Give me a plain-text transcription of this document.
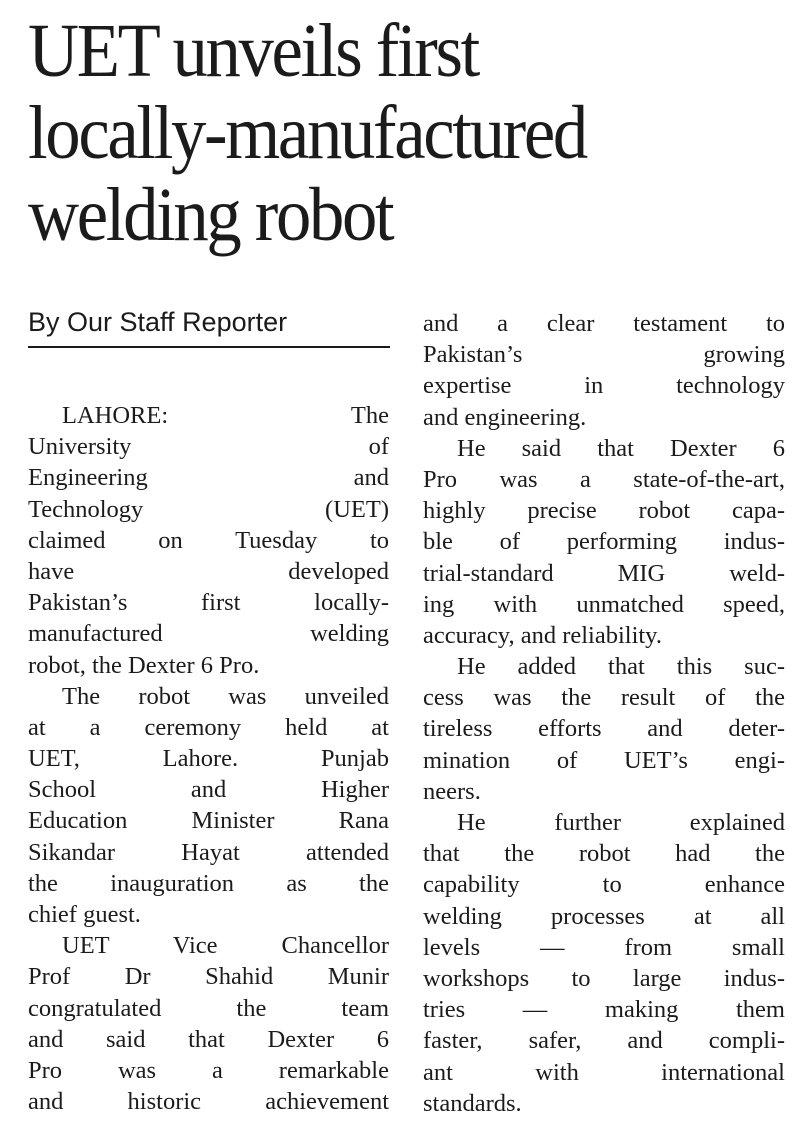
UET unveils first
locally-manufactured
welding robot
By Our Staff Reporter
LAHORE: The
University of
Engineering and
Technology (UET)
claimed on Tuesday to
have developed
Pakistan’s first locally-
manufactured welding
robot, the Dexter 6 Pro.
The robot was unveiled
at a ceremony held at
UET, Lahore. Punjab
School and Higher
Education Minister Rana
Sikandar Hayat attended
the inauguration as the
chief guest.
UET Vice Chancellor
Prof Dr Shahid Munir
congratulated the team
and said that Dexter 6
Pro was a remarkable
and historic achievement
and a clear testament to
Pakistan’s growing
expertise in technology
and engineering.
He said that Dexter 6
Pro was a state-of-the-art,
highly precise robot capa-
ble of performing indus-
trial-standard MIG weld-
ing with unmatched speed,
accuracy, and reliability.
He added that this suc-
cess was the result of the
tireless efforts and deter-
mination of UET’s engi-
neers.
He further explained
that the robot had the
capability to enhance
welding processes at all
levels — from small
workshops to large indus-
tries — making them
faster, safer, and compli-
ant with international
standards.
